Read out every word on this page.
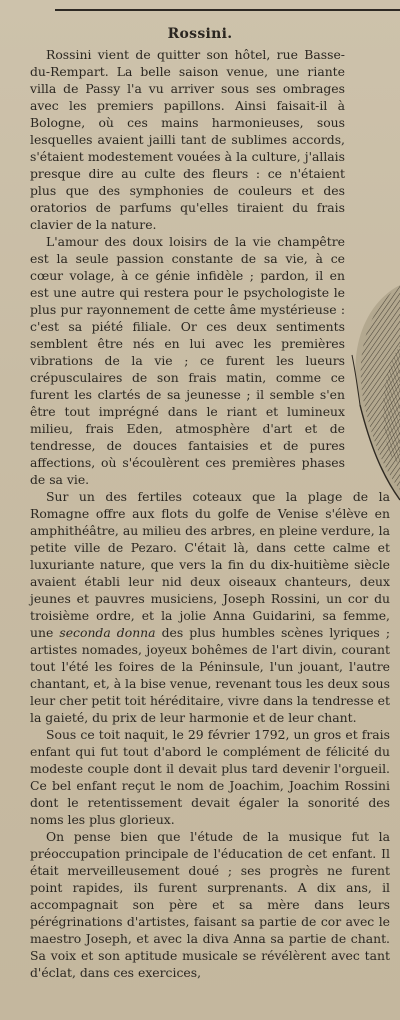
Rossini.

Rossini vient de quitter son hôtel, rue Basse-du-Rempart. La belle saison venue, une riante villa de Passy l'a vu arriver sous ses ombrages avec les premiers papillons. Ainsi faisait-il à Bologne, où ces mains harmonieuses, sous lesquelles avaient jailli tant de sublimes accords, s'étaient modestement vouées à la culture, j'allais presque dire au culte des fleurs : ce n'étaient plus que des symphonies de couleurs et des oratorios de parfums qu'elles tiraient du frais clavier de la nature.

L'amour des doux loisirs de la vie champêtre est la seule passion constante de sa vie, à ce cœur volage, à ce génie infidèle ; pardon, il en est une autre qui restera pour le psychologiste le plus pur rayonnement de cette âme mystérieuse : c'est sa piété filiale. Or ces deux sentiments semblent être nés en lui avec les premières vibrations de la vie ; ce furent les lueurs crépusculaires de son frais matin, comme ce furent les clartés de sa jeunesse ; il semble s'en être tout imprégné dans le riant et lumineux milieu, frais Eden, atmosphère d'art et de tendresse, de douces fantaisies et de pures affections, où s'écoulèrent ces premières phases de sa vie.

Sur un des fertiles coteaux que la plage de la Romagne offre aux flots du golfe de Venise s'élève en amphithéâtre, au milieu des arbres, en pleine verdure, la petite ville de Pezaro. C'était là, dans cette calme et luxuriante nature, que vers la fin du dix-huitième siècle avaient établi leur nid deux oiseaux chanteurs, deux jeunes et pauvres musiciens, Joseph Rossini, un cor du troisième ordre, et la jolie Anna Guidarini, sa femme, une seconda donna des plus humbles scènes lyriques ; artistes nomades, joyeux bohêmes de l'art divin, courant tout l'été les foires de la Péninsule, l'un jouant, l'autre chantant, et, à la bise venue, revenant tous les deux sous leur cher petit toit héréditaire, vivre dans la tendresse et la gaieté, du prix de leur harmonie et de leur chant.

Sous ce toit naquit, le 29 février 1792, un gros et frais enfant qui fut tout d'abord le complément de félicité du modeste couple dont il devait plus tard devenir l'orgueil. Ce bel enfant reçut le nom de Joachim, Joachim Rossini dont le retentissement devait égaler la sonorité des noms les plus glorieux.

On pense bien que l'étude de la musique fut la préoccupation principale de l'éducation de cet enfant. Il était merveilleusement doué ; ses progrès ne furent point rapides, ils furent surprenants. A dix ans, il accompagnait son père et sa mère dans leurs pérégrinations d'artistes, faisant sa partie de cor avec le maestro Joseph, et avec la diva Anna sa partie de chant. Sa voix et son aptitude musicale se révélèrent avec tant d'éclat, dans ces exercices,
